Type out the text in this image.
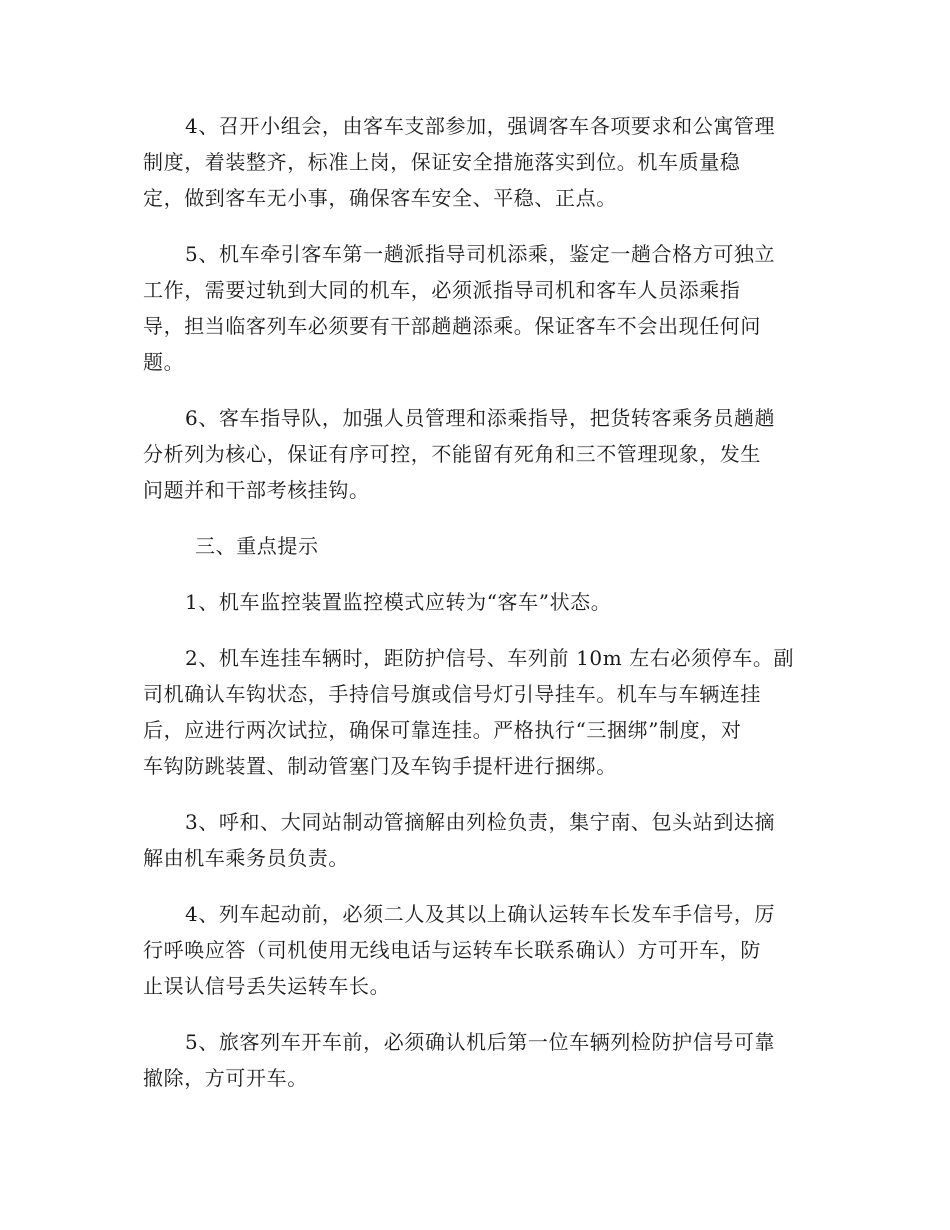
4、召开小组会，由客车支部参加，强调客车各项要求和公寓管理
制度，着装整齐，标准上岗，保证安全措施落实到位。机车质量稳
定，做到客车无小事，确保客车安全、平稳、正点。
5、机车牵引客车第一趟派指导司机添乘，鉴定一趟合格方可独立
工作，需要过轨到大同的机车，必须派指导司机和客车人员添乘指
导，担当临客列车必须要有干部趟趟添乘。保证客车不会出现任何问
题。
6、客车指导队，加强人员管理和添乘指导，把货转客乘务员趟趟
分析列为核心，保证有序可控，不能留有死角和三不管理现象，发生
问题并和干部考核挂钩。
三、重点提示
1、机车监控装置监控模式应转为“客车”状态。
2、机车连挂车辆时，距防护信号、车列前 10m 左右必须停车。副
司机确认车钩状态，手持信号旗或信号灯引导挂车。机车与车辆连挂
后，应进行两次试拉，确保可靠连挂。严格执行“三捆绑”制度，对
车钩防跳装置、制动管塞门及车钩手提杆进行捆绑。
3、呼和、大同站制动管摘解由列检负责，集宁南、包头站到达摘
解由机车乘务员负责。
4、列车起动前，必须二人及其以上确认运转车长发车手信号，厉
行呼唤应答（司机使用无线电话与运转车长联系确认）方可开车，防
止误认信号丢失运转车长。
5、旅客列车开车前，必须确认机后第一位车辆列检防护信号可靠
撤除，方可开车。
